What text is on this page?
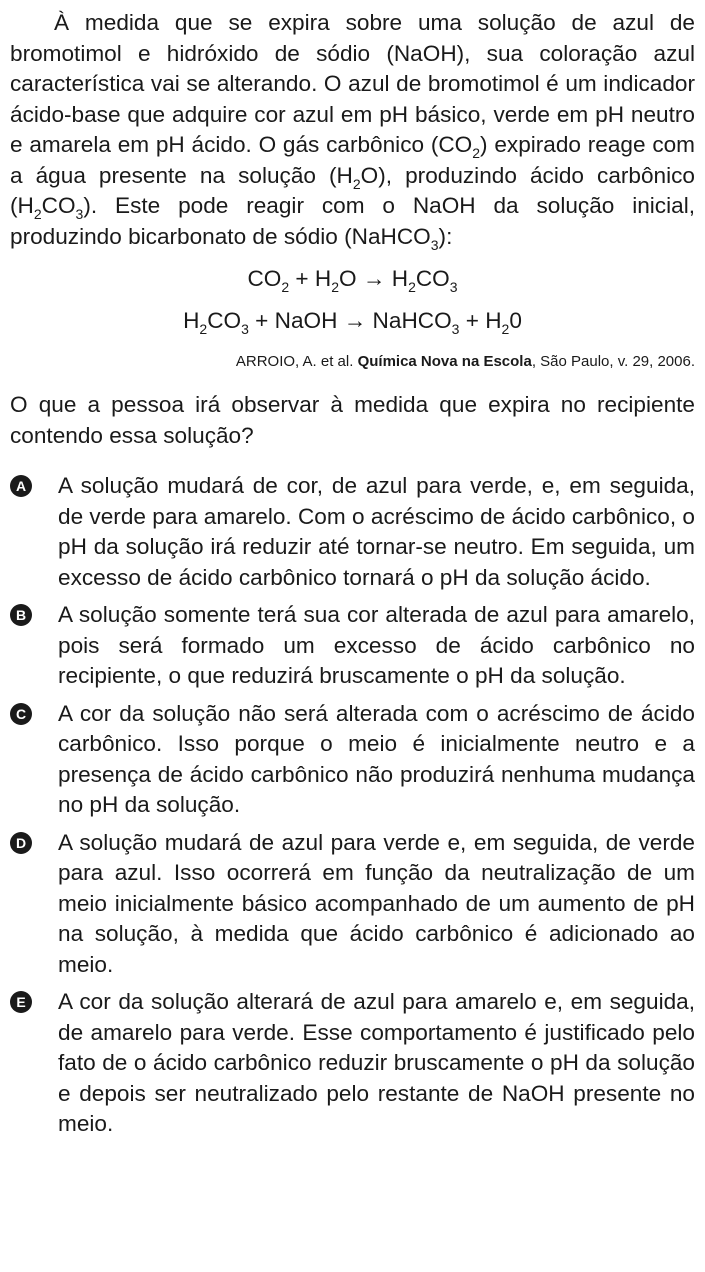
À medida que se expira sobre uma solução de azul de bromotimol e hidróxido de sódio (NaOH), sua coloração azul característica vai se alterando. O azul de bromotimol é um indicador ácido-base que adquire cor azul em pH básico, verde em pH neutro e amarela em pH ácido. O gás carbônico $(CO_2)$ expirado reage com a água presente na solução $(H_2O)$, produzindo ácido carbônico $(H_2CO_3)$. Este pode reagir com o NaOH da solução inicial, produzindo bicarbonato de sódio (NaHCO$_3$):

$CO_2 + H_2O \to H_2CO_3$

$H_2CO_3$ + NaOH → NaHCO$_3$ + $H_20$

ARROIO, A. et al. Química Nova na Escola, São Paulo, v. 29, 2006.

O que a pessoa irá observar à medida que expira no recipiente contendo essa solução?

A A solução mudará de cor, de azul para verde, e, em seguida, de verde para amarelo. Com o acréscimo de ácido carbônico, o pH da solução irá reduzir até tornar-se neutro. Em seguida, um excesso de ácido carbônico tornará o pH da solução ácido.

B A solução somente terá sua cor alterada de azul para amarelo, pois será formado um excesso de ácido carbônico no recipiente, o que reduzirá bruscamente o pH da solução.

C A cor da solução não será alterada com o acréscimo de ácido carbônico. Isso porque o meio é inicialmente neutro e a presença de ácido carbônico não produzirá nenhuma mudança no pH da solução.

D A solução mudará de azul para verde e, em seguida, de verde para azul. Isso ocorrerá em função da neutralização de um meio inicialmente básico acompanhado de um aumento de pH na solução, à medida que ácido carbônico é adicionado ao meio.

E A cor da solução alterará de azul para amarelo e, em seguida, de amarelo para verde. Esse comportamento é justificado pelo fato de o ácido carbônico reduzir bruscamente o pH da solução e depois ser neutralizado pelo restante de NaOH presente no meio.
